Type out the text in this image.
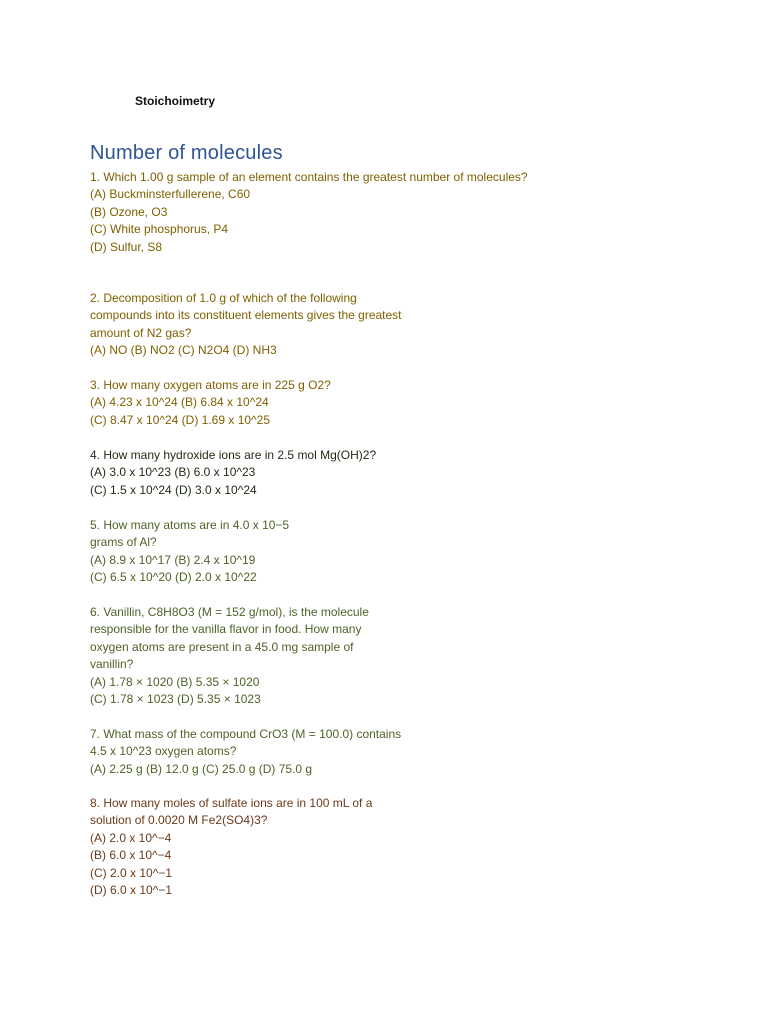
Stoichoimetry
Number of molecules
1. Which 1.00 g sample of an element contains the greatest number of molecules?
(A) Buckminsterfullerene, C60
(B) Ozone, O3
(C) White phosphorus, P4
(D) Sulfur, S8
2. Decomposition of 1.0 g of which of the following
compounds into its constituent elements gives the greatest
amount of N2 gas?
(A) NO (B) NO2 (C) N2O4 (D) NH3
3. How many oxygen atoms are in 225 g O2?
(A) 4.23 x 10^24 (B) 6.84 x 10^24
(C) 8.47 x 10^24 (D) 1.69 x 10^25
4. How many hydroxide ions are in 2.5 mol Mg(OH)2?
(A) 3.0 x 10^23 (B) 6.0 x 10^23
(C) 1.5 x 10^24 (D) 3.0 x 10^24
5. How many atoms are in 4.0 x 10−5
grams of Al?
(A) 8.9 x 10^17 (B) 2.4 x 10^19
(C) 6.5 x 10^20 (D) 2.0 x 10^22
6. Vanillin, C8H8O3 (M = 152 g/mol), is the molecule
responsible for the vanilla flavor in food. How many
oxygen atoms are present in a 45.0 mg sample of
vanillin?
(A) 1.78 × 1020 (B) 5.35 × 1020
(C) 1.78 × 1023 (D) 5.35 × 1023
7. What mass of the compound CrO3 (M = 100.0) contains
4.5 x 10^23 oxygen atoms?
(A) 2.25 g (B) 12.0 g (C) 25.0 g (D) 75.0 g
8. How many moles of sulfate ions are in 100 mL of a
solution of 0.0020 M Fe2(SO4)3?
(A) 2.0 x 10^−4
(B) 6.0 x 10^−4
(C) 2.0 x 10^−1
(D) 6.0 x 10^−1
